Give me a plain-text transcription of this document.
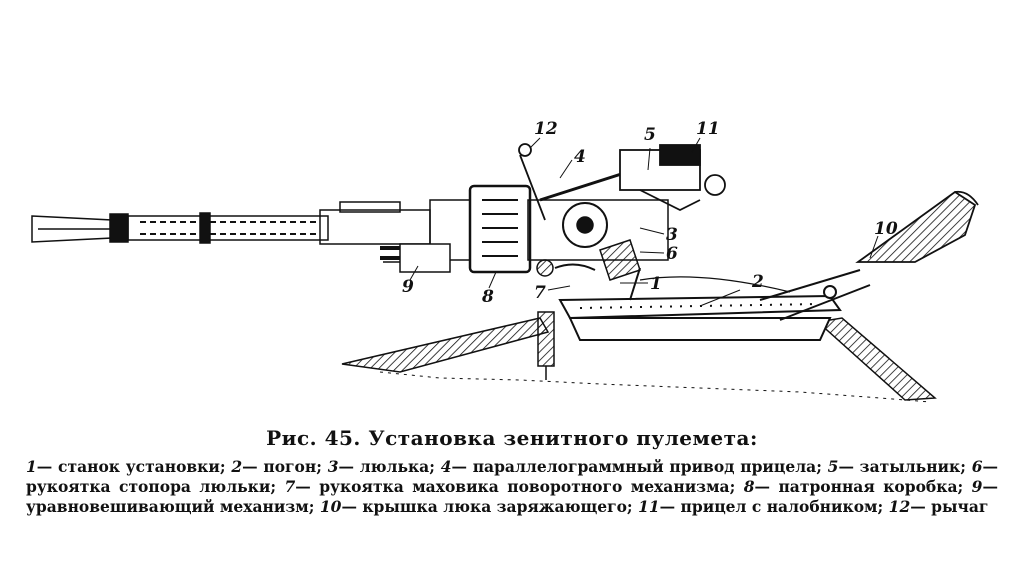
1	2
3
4
5
6
7
8
9
10
11
12
Рис. 45. Установка зенитного пулемета:
1— станок установки; 2— погон; 3— люлька; 4— параллелограммный привод прицела; 5— затыльник; 6— рукоятка стопора люльки; 7— рукоятка маховика поворотного механизма; 8— патронная коробка; 9— уравновешивающий механизм; 10— крышка люка заряжающего; 11— прицел с налобником; 12— рычаг
